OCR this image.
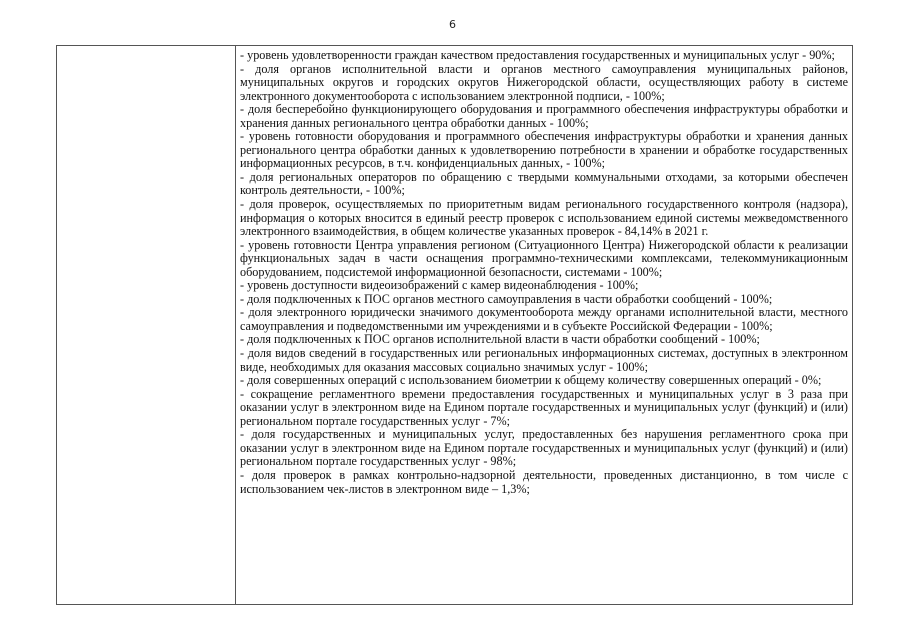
6
- уровень удовлетворенности граждан качеством предоставления государственных и муниципальных услуг - 90%;
- доля органов исполнительной власти и органов местного самоуправления муниципальных районов, муниципальных округов и городских округов Нижегородской области, осуществляющих работу в системе электронного документооборота с использованием электронной подписи, - 100%;
- доля бесперебойно функционирующего оборудования и программного обеспечения инфраструктуры обработки и хранения данных регионального центра обработки данных - 100%;
- уровень готовности оборудования и программного обеспечения инфраструктуры обработки и хранения данных регионального центра обработки данных к удовлетворению потребности в хранении и обработке государственных информационных ресурсов, в т.ч. конфиденциальных данных, - 100%;
- доля региональных операторов по обращению с твердыми коммунальными отходами, за которыми обеспечен контроль деятельности, - 100%;
- доля проверок, осуществляемых по приоритетным видам регионального государственного контроля (надзора), информация о которых вносится в единый реестр проверок с использованием единой системы межведомственного электронного взаимодействия, в общем количестве указанных проверок - 84,14% в 2021 г.
- уровень готовности Центра управления регионом (Ситуационного Центра) Нижегородской области к реализации функциональных задач в части оснащения программно-техническими комплексами, телекоммуникационным оборудованием, подсистемой информационной безопасности, системами - 100%;
- уровень доступности видеоизображений с камер видеонаблюдения - 100%;
- доля подключенных к ПОС органов местного самоуправления в части обработки сообщений - 100%;
- доля электронного юридически значимого документооборота между органами исполнительной власти, местного самоуправления и подведомственными им учреждениями и в субъекте Российской Федерации - 100%;
- доля подключенных к ПОС органов исполнительной власти в части обработки сообщений - 100%;
- доля видов сведений в государственных или региональных информационных системах, доступных в электронном виде, необходимых для оказания массовых социально значимых услуг - 100%;
- доля совершенных операций с использованием биометрии к общему количеству совершенных операций - 0%;
- сокращение регламентного времени предоставления государственных и муниципальных услуг в 3 раза при оказании услуг в электронном виде на Едином портале государственных и муниципальных услуг (функций) и (или) региональном портале государственных услуг - 7%;
- доля государственных и муниципальных услуг, предоставленных без нарушения регламентного срока при оказании услуг в электронном виде на Едином портале государственных и муниципальных услуг (функций) и (или) региональном портале государственных услуг - 98%;
- доля проверок в рамках контрольно-надзорной деятельности, проведенных дистанционно, в том числе с использованием чек-листов в электронном виде – 1,3%;
